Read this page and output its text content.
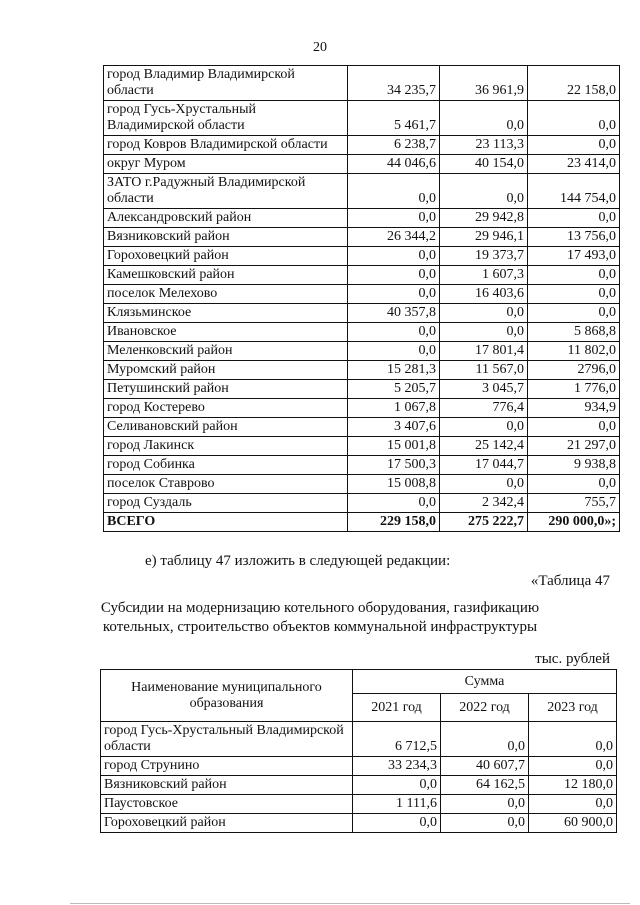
20
город Владимир Владимирской области	34 235,7	36 961,9	22 158,0
город Гусь-Хрустальный Владимирской области	5 461,7	0,0	0,0
город Ковров Владимирской области	6 238,7	23 113,3	0,0
округ Муром	44 046,6	40 154,0	23 414,0
ЗАТО г.Радужный Владимирской области	0,0	0,0	144 754,0
Александровский район	0,0	29 942,8	0,0
Вязниковский район	26 344,2	29 946,1	13 756,0
Гороховецкий район	0,0	19 373,7	17 493,0
Камешковский район	0,0	1 607,3	0,0
поселок Мелехово	0,0	16 403,6	0,0
Клязьминское	40 357,8	0,0	0,0
Ивановское	0,0	0,0	5 868,8
Меленковский район	0,0	17 801,4	11 802,0
Муромский район	15 281,3	11 567,0	2796,0
Петушинский район	5 205,7	3 045,7	1 776,0
город Костерево	1 067,8	776,4	934,9
Селивановский район	3 407,6	0,0	0,0
город Лакинск	15 001,8	25 142,4	21 297,0
город Собинка	17 500,3	17 044,7	9 938,8
поселок Ставрово	15 008,8	0,0	0,0
город Суздаль	0,0	2 342,4	755,7
ВСЕГО	229 158,0	275 222,7	290 000,0»;
е) таблицу 47 изложить в следующей редакции:
«Таблица 47
Субсидии на модернизацию котельного оборудования, газификацию
котельных, строительство объектов коммунальной инфраструктуры
тыс. рублей
Наименование муниципального образования	Сумма		
	2021 год	2022 год	2023 год
город Гусь-Хрустальный Владимирской области	6 712,5	0,0	0,0
город Струнино	33 234,3	40 607,7	0,0
Вязниковский район	0,0	64 162,5	12 180,0
Паустовское	1 111,6	0,0	0,0
Гороховецкий район	0,0	0,0	60 900,0
